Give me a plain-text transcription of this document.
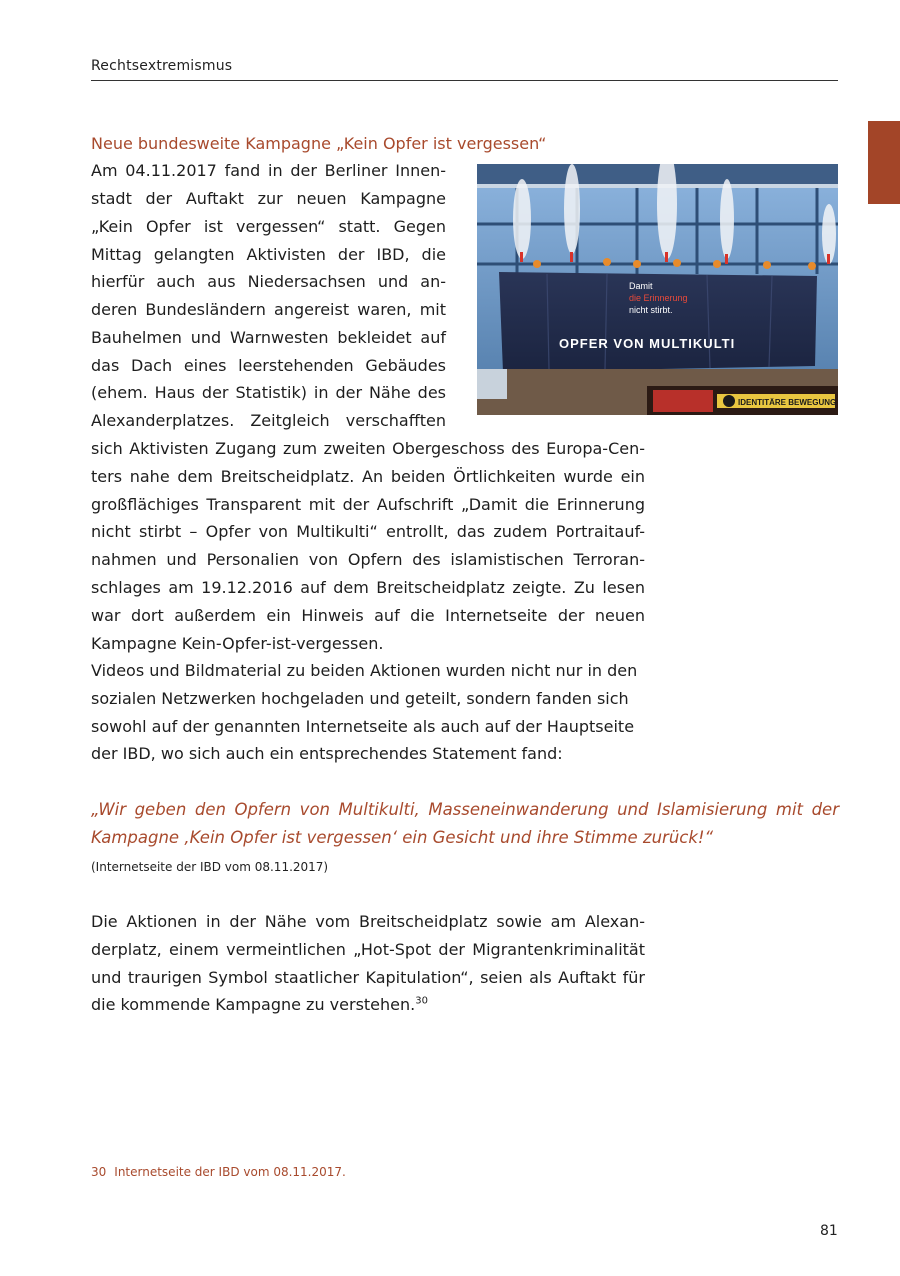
Rechtsextremismus
Neue bundesweite Kampagne „Kein Opfer ist vergessen“
Am 04.11.2017 fand in der Berliner Innen-
stadt der Auftakt zur neuen Kampagne
„Kein Opfer ist vergessen“ statt. Gegen
Mittag gelangten Aktivisten der IBD, die
hierfür auch aus Niedersachsen und an-
deren Bundesländern angereist waren, mit
Bauhelmen und Warnwesten bekleidet auf
das Dach eines leerstehenden Gebäudes
(ehem. Haus der Statistik) in der Nähe des
Alexanderplatzes. Zeitgleich verschafften
Damit
die Erinnerung
nicht stirbt.
OPFER VON MULTIKULTI
IDENTITÄRE BEWEGUNG

sich Aktivisten Zugang zum zweiten Obergeschoss des Europa-Cen-ters nahe dem Breitscheidplatz. An beiden Örtlichkeiten wurde ein großflächiges Transparent mit der Aufschrift „Damit die Erinnerung nicht stirbt – Opfer von Multikulti“ entrollt, das zudem Portraitauf-nahmen und Personalien von Opfern des islamistischen Terroran-schlages am 19.12.2016 auf dem Breitscheidplatz zeigte. Zu lesen war dort außerdem ein Hinweis auf die Internetseite der neuen Kampagne Kein-Opfer-ist-vergessen.

Videos und Bildmaterial zu beiden Aktionen wurden nicht nur in den sozialen Netzwerken hochgeladen und geteilt, sondern fanden sich sowohl auf der genannten Internetseite als auch auf der Hauptseite der IBD, wo sich auch ein entsprechendes Statement fand:

„Wir geben den Opfern von Multikulti, Masseneinwanderung und Islamisierung mit der Kampagne ‚Kein Opfer ist vergessen‘ ein Gesicht und ihre Stimme zurück!“

(Internetseite der IBD vom 08.11.2017)

Die Aktionen in der Nähe vom Breitscheidplatz sowie am Alexan-derplatz, einem vermeintlichen „Hot-Spot der Migrantenkriminalität und traurigen Symbol staatlicher Kapitulation“, seien als Auftakt für die kommende Kampagne zu verstehen.$^{30}$

30 Internetseite der IBD vom 08.11.2017.

81
